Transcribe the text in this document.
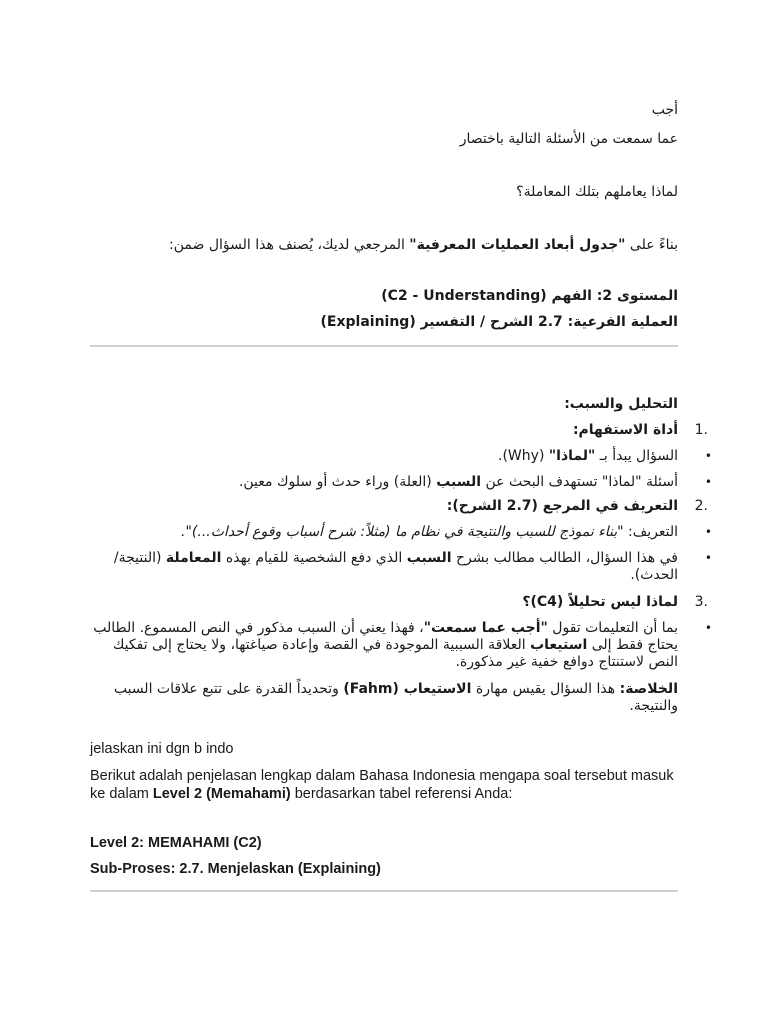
أجب
عما سمعت من الأسئلة التالية باختصار
لماذا يعاملهم بتلك المعاملة؟
بناءً على "جدول أبعاد العمليات المعرفية" المرجعي لديك، يُصنف هذا السؤال ضمن:
المستوى 2: الفهم (C2 - Understanding)
العملية الفرعية: 2.7 الشرح / التفسير (Explaining)
التحليل والسبب:
.1
أداة الاستفهام:
•
السؤال يبدأ بـ "لماذا" (Why).
•
أسئلة "لماذا" تستهدف البحث عن السبب (العلة) وراء حدث أو سلوك معين.
.2
التعريف في المرجع (2.7 الشرح):
•
التعريف: "بناء نموذج للسبب والنتيجة في نظام ما (مثلاً: شرح أسباب وقوع أحداث...)".
•
في هذا السؤال، الطالب مطالب بشرح السبب الذي دفع الشخصية للقيام بهذه المعاملة (النتيجة/الحدث).
.3
لماذا ليس تحليلاً (C4)؟
•
بما أن التعليمات تقول "أجب عما سمعت"، فهذا يعني أن السبب مذكور في النص المسموع. الطالب يحتاج فقط إلى استيعاب العلاقة السببية الموجودة في القصة وإعادة صياغتها، ولا يحتاج إلى تفكيك النص لاستنتاج دوافع خفية غير مذكورة.
الخلاصة: هذا السؤال يقيس مهارة الاستيعاب (Fahm) وتحديداً القدرة على تتبع علاقات السبب والنتيجة.
jelaskan ini dgn b indo
Berikut adalah penjelasan lengkap dalam Bahasa Indonesia mengapa soal tersebut masuk ke dalam Level 2 (Memahami) berdasarkan tabel referensi Anda:
Level 2: MEMAHAMI (C2)
Sub-Proses: 2.7. Menjelaskan (Explaining)
